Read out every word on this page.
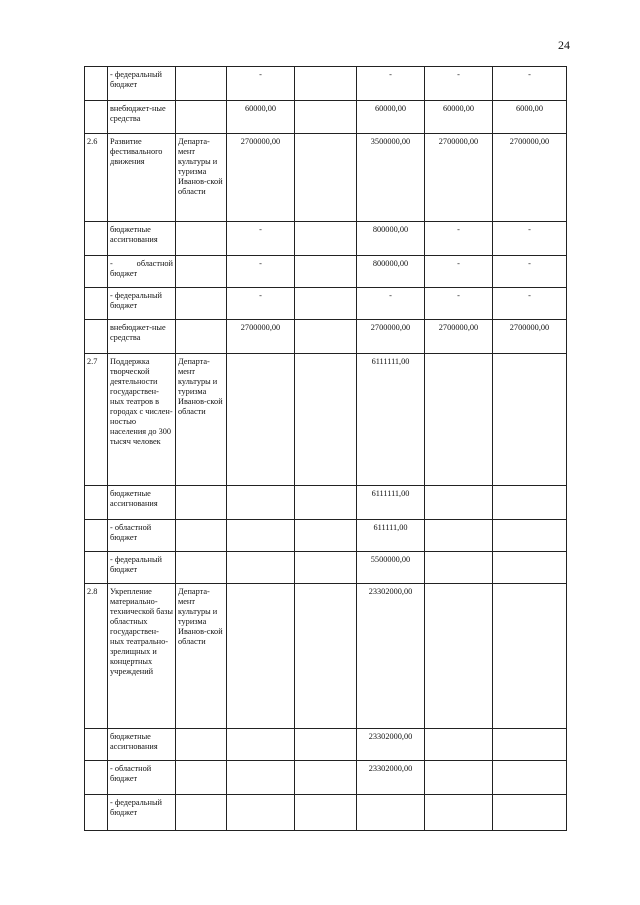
24
	- федеральный бюджет		-		-	-	-
	внебюджет-ные средства		60000,00		60000,00	60000,00	6000,00
2.6	Развитие фестивального движения	Департа-мент культуры и туризма Иванов-ской области	2700000,00		3500000,00	2700000,00	2700000,00
	бюджетные ассигнования		-		800000,00	-	-
	- областной бюджет		-		800000,00	-	-
	- федеральный бюджет		-		-	-	-
	внебюджет-ные средства		2700000,00		2700000,00	2700000,00	2700000,00
2.7	Поддержка творческой деятельности государствен-ных театров в городах с числен-ностью населения до 300 тысяч человек	Департа-мент культуры и туризма Иванов-ской области			6111111,00		
	бюджетные ассигнования				6111111,00		
	- областной бюджет				611111,00		
	- федеральный бюджет				5500000,00		
2.8	Укрепление материально-технической базы областных государствен-ных театрально-зрелищных и концертных учреждений	Департа-мент культуры и туризма Иванов-ской области			23302000,00		
	бюджетные ассигнования				23302000,00		
	- областной бюджет				23302000,00		
	- федеральный бюджет						
